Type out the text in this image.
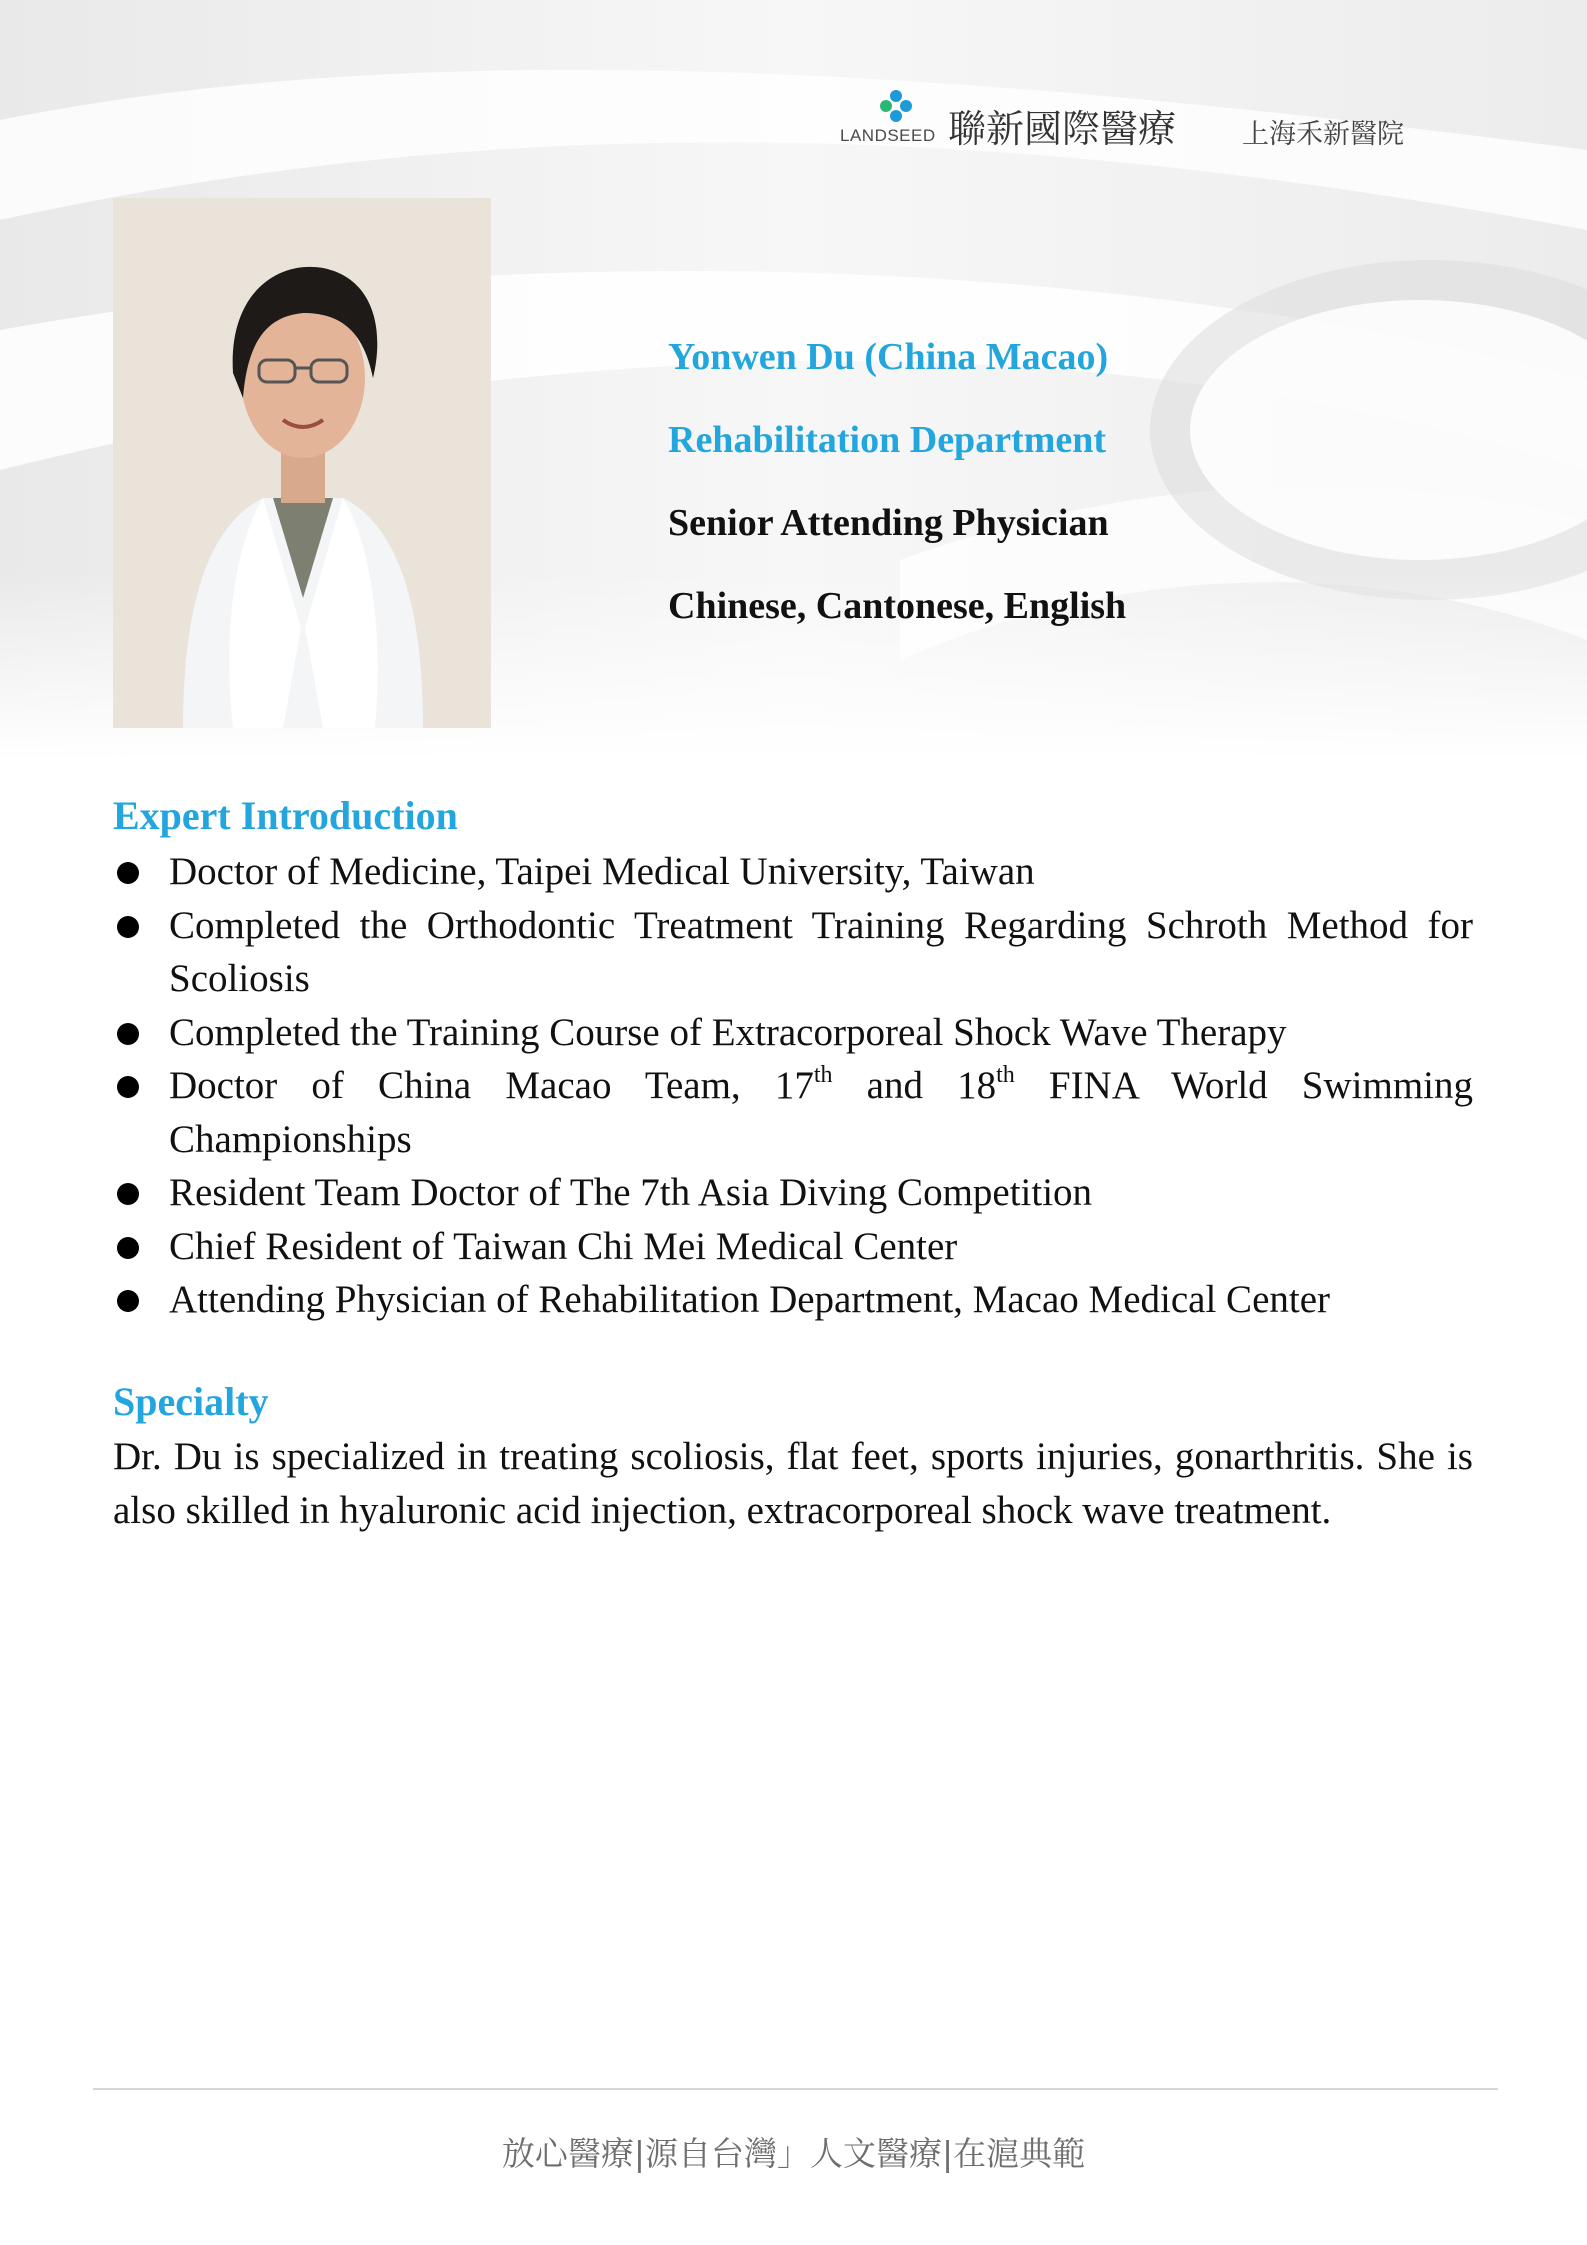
LANDSEED 聯新國際醫療 上海禾新醫院
Yonwen Du (China Macao)
Rehabilitation Department
Senior Attending Physician
Chinese, Cantonese, English
Expert Introduction
Doctor of Medicine, Taipei Medical University, Taiwan
Completed the Orthodontic Treatment Training Regarding Schroth Method for Scoliosis
Completed the Training Course of Extracorporeal Shock Wave Therapy
Doctor of China Macao Team, 17th and 18th FINA World Swimming Championships
Resident Team Doctor of The 7th Asia Diving Competition
Chief Resident of Taiwan Chi Mei Medical Center
Attending Physician of Rehabilitation Department, Macao Medical Center
Specialty

Dr. Du is specialized in treating scoliosis, flat feet, sports injuries, gonarthritis. She is also skilled in hyaluronic acid injection, extracorporeal shock wave treatment.

放心醫療|源自台灣」人文醫療|在滬典範
